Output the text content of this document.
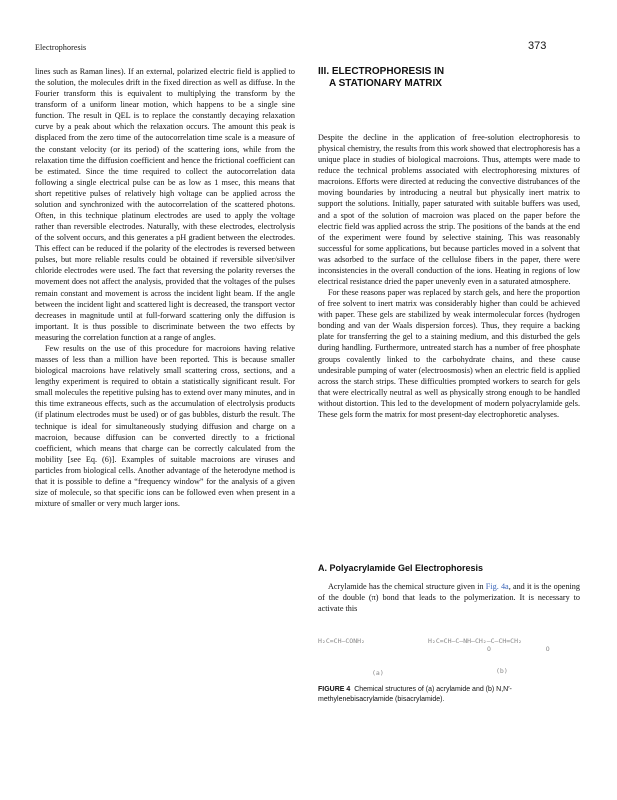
Electrophoresis	373

lines such as Raman lines). If an external, polarized electric field is applied to the solution, the molecules drift in the fixed direction as well as diffuse. In the Fourier transform this is equivalent to multiplying the transform by the transform of a uniform linear motion, which happens to be a single sine function. The result in QEL is to replace the constantly decaying relaxation curve by a peak about which the relaxation occurs. The amount this peak is displaced from the zero time of the autocorrelation time scale is a measure of the constant velocity (or its period) of the scattering ions, while from the relaxation time the diffusion coefficient and hence the frictional coefficient can be estimated. Since the time required to collect the autocorrelation data following a single electrical pulse can be as low as 1 msec, this means that short repetitive pulses of relatively high voltage can be applied across the solution and synchronized with the autocorrelation of the scattered photons. Often, in this technique platinum electrodes are used to apply the voltage rather than reversible electrodes. Naturally, with these electrodes, electrolysis of the solvent occurs, and this generates a pH gradient between the electrodes. This effect can be reduced if the polarity of the electrodes is reversed between pulses, but more reliable results could be obtained if reversible silver/silver chloride electrodes were used. The fact that reversing the polarity reverses the movement does not affect the analysis, provided that the voltages of the pulses remain constant and movement is across the incident light beam. If the angle between the incident light and scattered light is decreased, the transport vector decreases in magnitude until at full-forward scattering only the diffusion is important. It is thus possible to discriminate between the two effects by measuring the correlation function at a range of angles.

Few results on the use of this procedure for macroions having relative masses of less than a million have been reported. This is because smaller biological macroions have relatively small scattering cross, sections, and a lengthy experiment is required to obtain a statistically significant result. For small molecules the repetitive pulsing has to extend over many minutes, and in this time extraneous effects, such as the accumulation of electrolysis products (if platinum electrodes must be used) or of gas bubbles, disturb the result. The technique is ideal for simultaneously studying diffusion and charge on a macroion, because diffusion can be converted directly to a frictional coefficient, which means that charge can be correctly calculated from the mobility [see Eq. (6)]. Examples of suitable macroions are viruses and particles from biological cells. Another advantage of the heterodyne method is that it is possible to define a “frequency window” for the analysis of a given size of molecule, so that specific ions can be followed even when present in a mixture of smaller or very much larger ions.

III. ELECTROPHORESIS IN
A STATIONARY MATRIX

Despite the decline in the application of free-solution electrophoresis to physical chemistry, the results from this work showed that electrophoresis has a unique place in studies of biological macroions. Thus, attempts were made to reduce the technical problems associated with electrophoresing mixtures of macroions. Efforts were directed at reducing the convective distrubances of the moving boundaries by introducing a neutral but physically inert matrix to support the solutions. Initially, paper saturated with suitable buffers was used, and a spot of the solution of macroion was placed on the paper before the electric field was applied across the strip. The positions of the bands at the end of the experiment were found by selective staining. This was reasonably successful for some applications, but because particles moved in a solvent that was adsorbed to the surface of the cellulose fibers in the paper, there were inconsistencies in the overall conduction of the ions. Heating in regions of low electrical resistance dried the paper unevenly even in a saturated atmosphere.

For these reasons paper was replaced by starch gels, and here the proportion of free solvent to inert matrix was considerably higher than could be achieved with paper. These gels are stabilized by weak intermolecular forces (hydrogen bonding and van der Waals dispersion forces). Thus, they require a backing plate for transferring the gel to a staining medium, and this disturbed the gels during handling. Furthermore, untreated starch has a number of free phosphate groups covalently linked to the carbohydrate chains, and these cause undesirable pumping of water (electroosmosis) when an electric field is applied across the starch strips. These difficulties prompted workers to search for gels that were electrically neutral as well as physically strong enough to be handled without distortion. This led to the development of modern polyacrylamide gels. These gels form the matrix for most present-day electrophoretic analyses.

A. Polyacrylamide Gel Electrophoresis

Acrylamide has the chemical structure given in Fig. 4a, and it is the opening of the double (π) bond that leads to the polymerization. It is necessary to activate this

H₂C=CH–CONH₂	H₂C=CH–C–NH–CH₂–C–CH=CH₂
O              O
(a)	(b)
FIGURE 4 Chemical structures of (a) acrylamide and (b) N,N′-methylenebisacrylamide (bisacrylamide).
